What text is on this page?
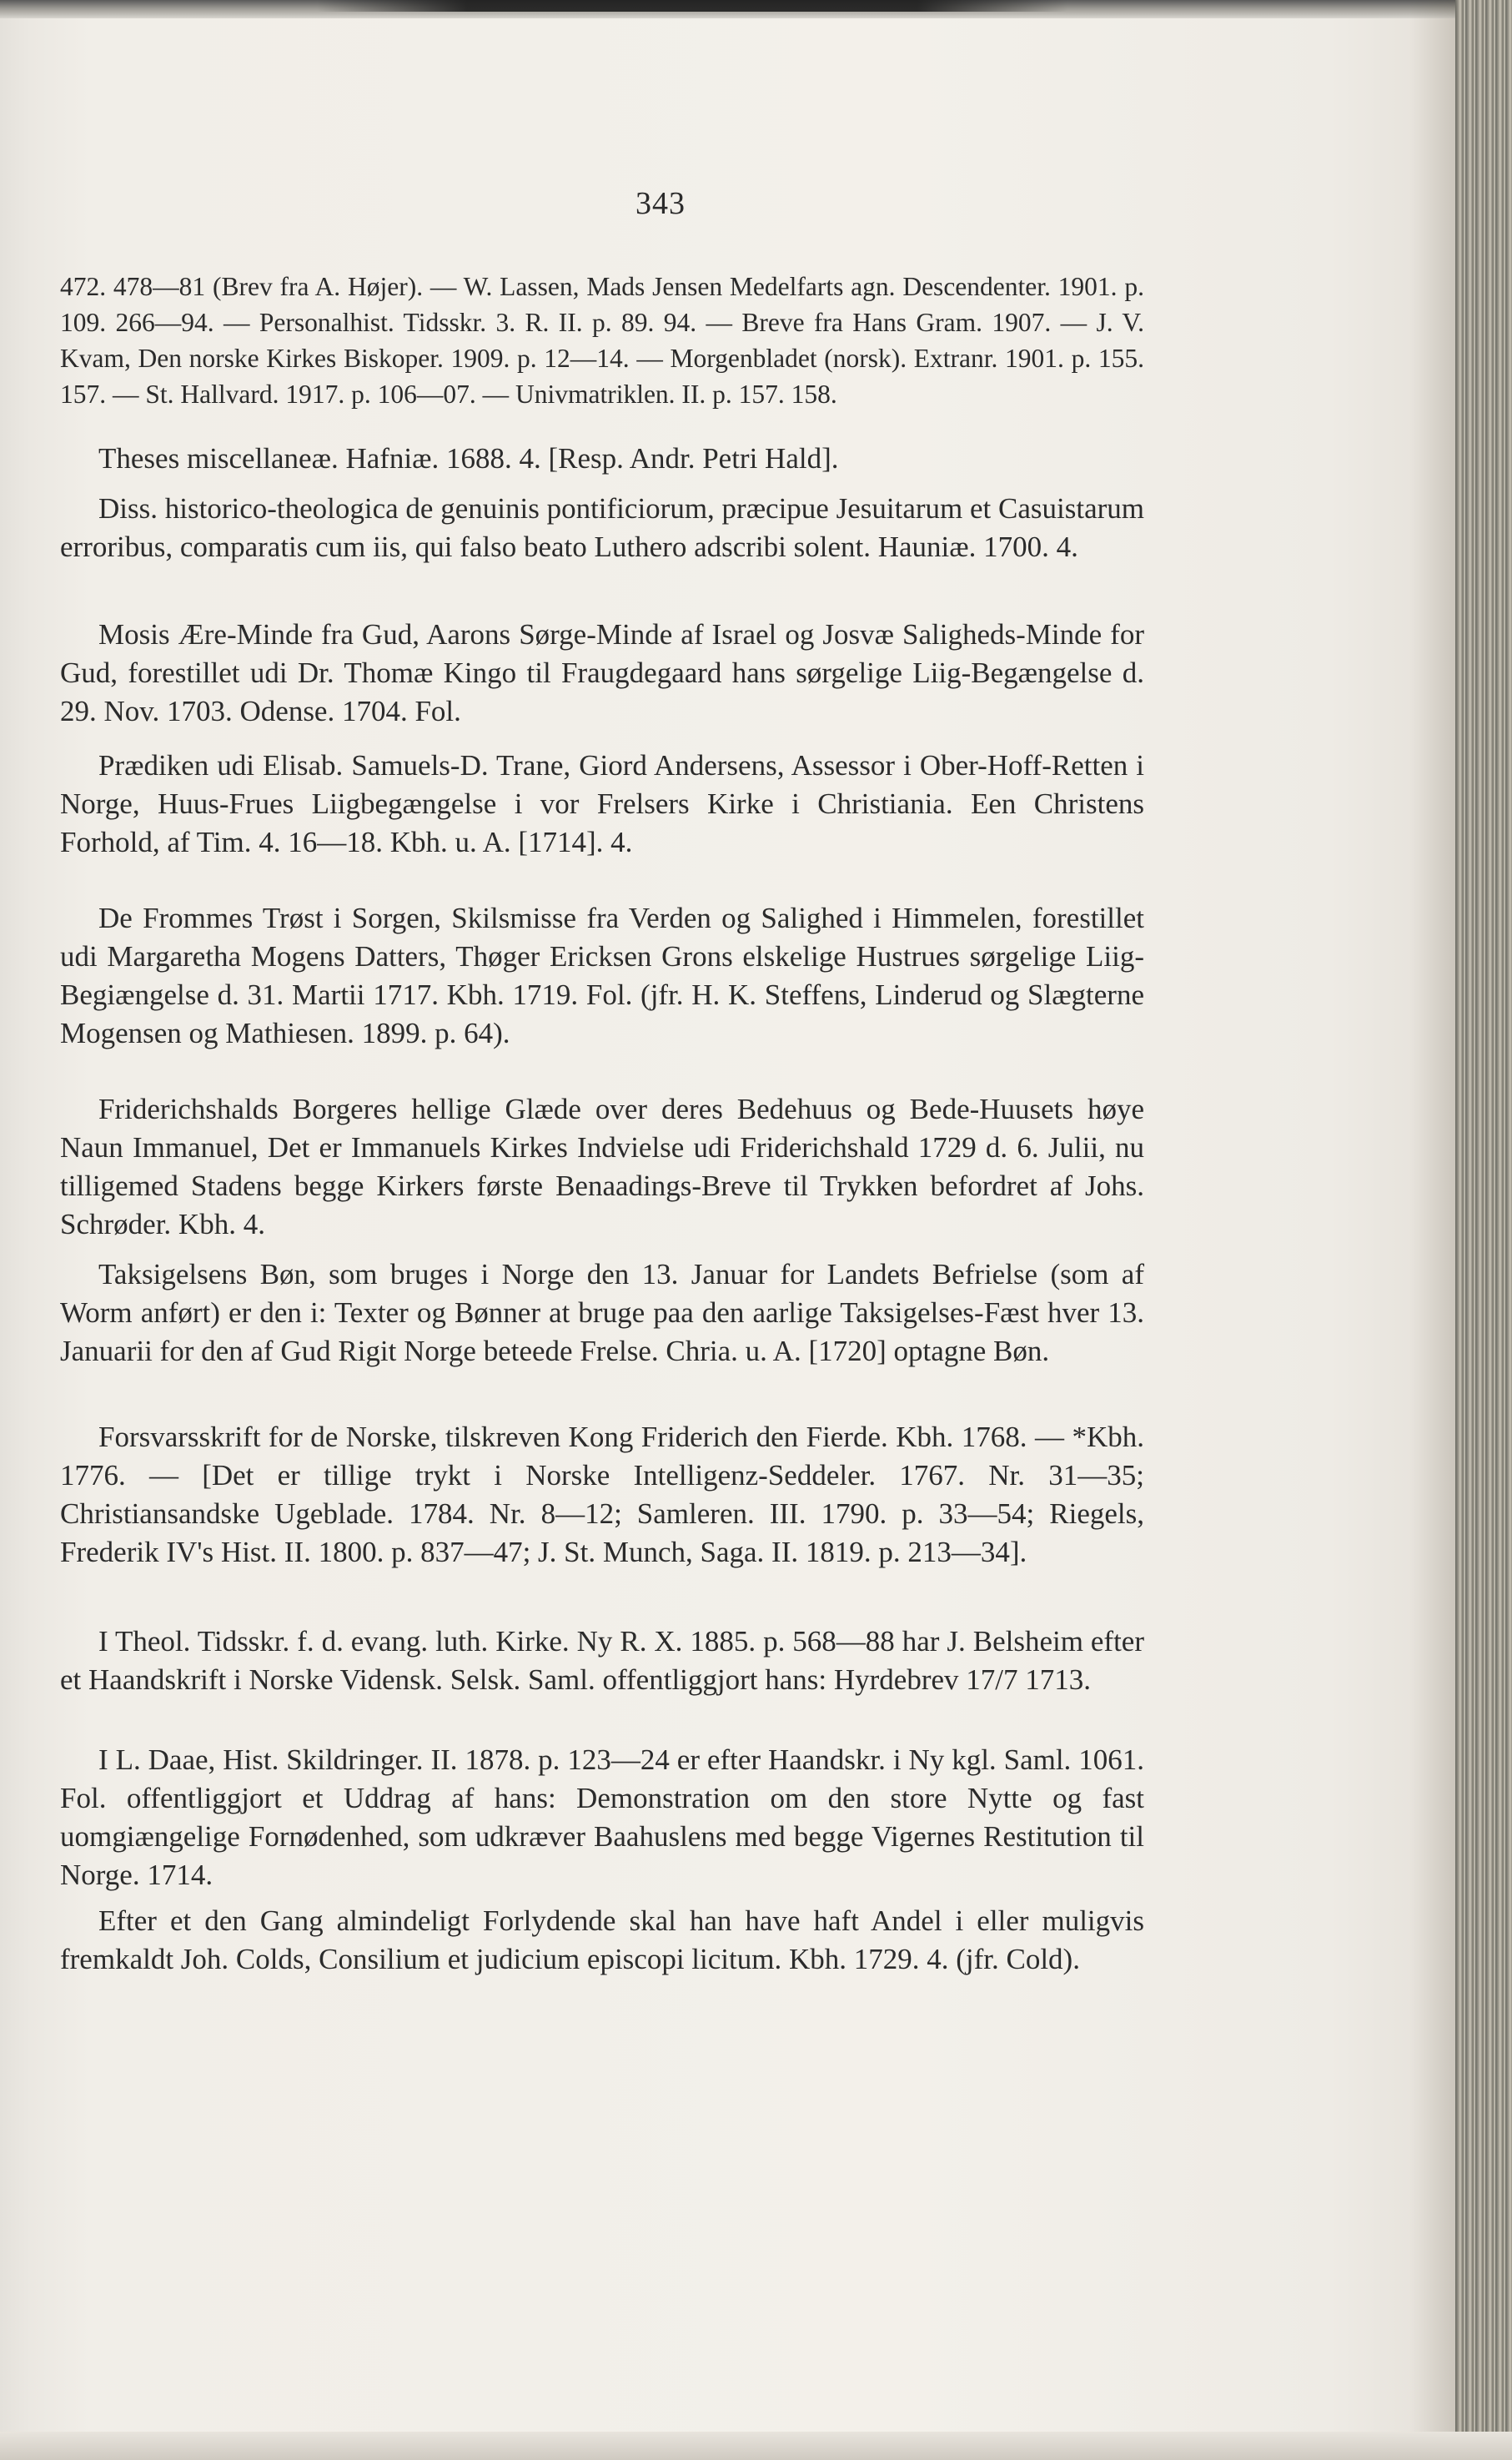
343
472. 478—81 (Brev fra A. Højer). — W. Lassen, Mads Jensen Medelfarts agn. Descendenter. 1901. p. 109. 266—94. — Personalhist. Tidsskr. 3. R. II. p. 89. 94. — Breve fra Hans Gram. 1907. — J. V. Kvam, Den norske Kirkes Biskoper. 1909. p. 12—14. — Morgenbladet (norsk). Extranr. 1901. p. 155. 157. — St. Hallvard. 1917. p. 106—07. — Univmatriklen. II. p. 157. 158.
Theses miscellaneæ. Hafniæ. 1688. 4. [Resp. Andr. Petri Hald].
Diss. historico-theologica de genuinis pontificiorum, præcipue Jesuitarum et Casuistarum erroribus, comparatis cum iis, qui falso beato Luthero adscribi solent. Hauniæ. 1700. 4.
Mosis Ære-Minde fra Gud, Aarons Sørge-Minde af Israel og Josvæ Saligheds-Minde for Gud, forestillet udi Dr. Thomæ Kingo til Fraugdegaard hans sørgelige Liig-Begængelse d. 29. Nov. 1703. Odense. 1704. Fol.
Prædiken udi Elisab. Samuels-D. Trane, Giord Andersens, Assessor i Ober-Hoff-Retten i Norge, Huus-Frues Liigbegængelse i vor Frelsers Kirke i Christiania. Een Christens Forhold, af Tim. 4. 16—18. Kbh. u. A. [1714]. 4.
De Frommes Trøst i Sorgen, Skilsmisse fra Verden og Salighed i Himmelen, forestillet udi Margaretha Mogens Datters, Thøger Ericksen Grons elskelige Hustrues sørgelige Liig-Begiængelse d. 31. Martii 1717. Kbh. 1719. Fol. (jfr. H. K. Steffens, Linderud og Slægterne Mogensen og Mathiesen. 1899. p. 64).
Friderichshalds Borgeres hellige Glæde over deres Bedehuus og Bede-Huusets høye Naun Immanuel, Det er Immanuels Kirkes Indvielse udi Friderichshald 1729 d. 6. Julii, nu tilligemed Stadens begge Kirkers første Benaadings-Breve til Trykken befordret af Johs. Schrøder. Kbh. 4.
Taksigelsens Bøn, som bruges i Norge den 13. Januar for Landets Befrielse (som af Worm anført) er den i: Texter og Bønner at bruge paa den aarlige Taksigelses-Fæst hver 13. Januarii for den af Gud Rigit Norge beteede Frelse. Chria. u. A. [1720] optagne Bøn.
Forsvarsskrift for de Norske, tilskreven Kong Friderich den Fierde. Kbh. 1768. — *Kbh. 1776. — [Det er tillige trykt i Norske Intelligenz-Seddeler. 1767. Nr. 31—35; Christiansandske Ugeblade. 1784. Nr. 8—12; Samleren. III. 1790. p. 33—54; Riegels, Frederik IV's Hist. II. 1800. p. 837—47; J. St. Munch, Saga. II. 1819. p. 213—34].
I Theol. Tidsskr. f. d. evang. luth. Kirke. Ny R. X. 1885. p. 568—88 har J. Belsheim efter et Haandskrift i Norske Vidensk. Selsk. Saml. offentliggjort hans: Hyrdebrev 17/7 1713.
I L. Daae, Hist. Skildringer. II. 1878. p. 123—24 er efter Haandskr. i Ny kgl. Saml. 1061. Fol. offentliggjort et Uddrag af hans: Demonstration om den store Nytte og fast uomgiængelige Fornødenhed, som udkræver Baahuslens med begge Vigernes Restitution til Norge. 1714.
Efter et den Gang almindeligt Forlydende skal han have haft Andel i eller muligvis fremkaldt Joh. Colds, Consilium et judicium episcopi licitum. Kbh. 1729. 4. (jfr. Cold).
